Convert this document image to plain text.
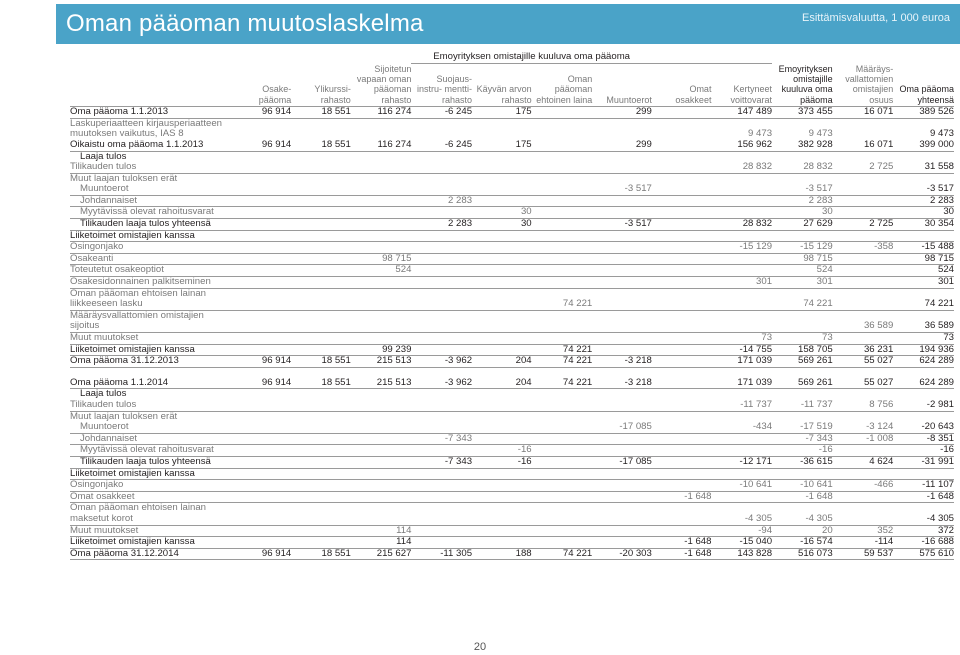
Oman pääoman muutoslaskelma	Esittämisvaluutta, 1 000 euroa
				Emoyrityksen omistajille kuuluva oma pääoma								
	Osake- pääoma	Ylikurssi- rahasto	Sijoitetun vapaan oman pääoman rahasto	Suojaus- instru- mentti- rahasto	Käyvän arvon rahasto	Oman pääoman ehtoinen laina	Muuntoerot	Omat osakkeet	Kertyneet voittovarat	Emoyrityksen omistajille kuuluva oma pääoma	Määräys- vallattomien omistajien osuus	Oma pääoma yhteensä
Oma pääoma 1.1.2013	96 914	18 551	116 274	-6 245	175		299		147 489	373 455	16 071	389 526

Laskuperiaatteen kirjausperiaatteen
muutoksen vaikutus, IAS 8									9 473	9 473		9 473
Oikaistu oma pääoma 1.1.2013	96 914	18 551	116 274	-6 245	175		299		156 962	382 928	16 071	399 000
Laaja tulos												
Tilikauden tulos									28 832	28 832	2 725	31 558
Muut laajan tuloksen erät												
Muuntoerot							-3 517			-3 517		-3 517
Johdannaiset				2 283						2 283		2 283
Myytävissä olevat rahoitusvarat					30					30		30
Tilikauden laaja tulos yhteensä				2 283	30		-3 517		28 832	27 629	2 725	30 354
Liiketoimet omistajien kanssa												
Osingonjako									-15 129	-15 129	-358	-15 488
Osakeanti			98 715							98 715		98 715
Toteutetut osakeoptiot			524							524		524
Osakesidonnainen palkitseminen									301	301		301

Oman pääoman ehtoisen lainan
liikkeeseen lasku						74 221				74 221		74 221

Määräysvallattomien omistajien
sijoitus											36 589	36 589
Muut muutokset									73	73		73
Liiketoimet omistajien kanssa			99 239			74 221			-14 755	158 705	36 231	194 936
Oma pääoma 31.12.2013	96 914	18 551	215 513	-3 962	204	74 221	-3 218		171 039	569 261	55 027	624 289

Oma pääoma 1.1.2014	96 914	18 551	215 513	-3 962	204	74 221	-3 218		171 039	569 261	55 027	624 289
Laaja tulos												
Tilikauden tulos									-11 737	-11 737	8 756	-2 981
Muut laajan tuloksen erät												
Muuntoerot							-17 085		-434	-17 519	-3 124	-20 643
Johdannaiset				-7 343						-7 343	-1 008	-8 351
Myytävissä olevat rahoitusvarat					-16					-16		-16
Tilikauden laaja tulos yhteensä				-7 343	-16		-17 085		-12 171	-36 615	4 624	-31 991
Liiketoimet omistajien kanssa												
Osingonjako									-10 641	-10 641	-466	-11 107
Omat osakkeet								-1 648		-1 648		-1 648

Oman pääoman ehtoisen lainan
maksetut korot									-4 305	-4 305		-4 305
Muut muutokset			114						-94	20	352	372
Liiketoimet omistajien kanssa			114					-1 648	-15 040	-16 574	-114	-16 688
Oma pääoma 31.12.2014	96 914	18 551	215 627	-11 305	188	74 221	-20 303	-1 648	143 828	516 073	59 537	575 610
20
